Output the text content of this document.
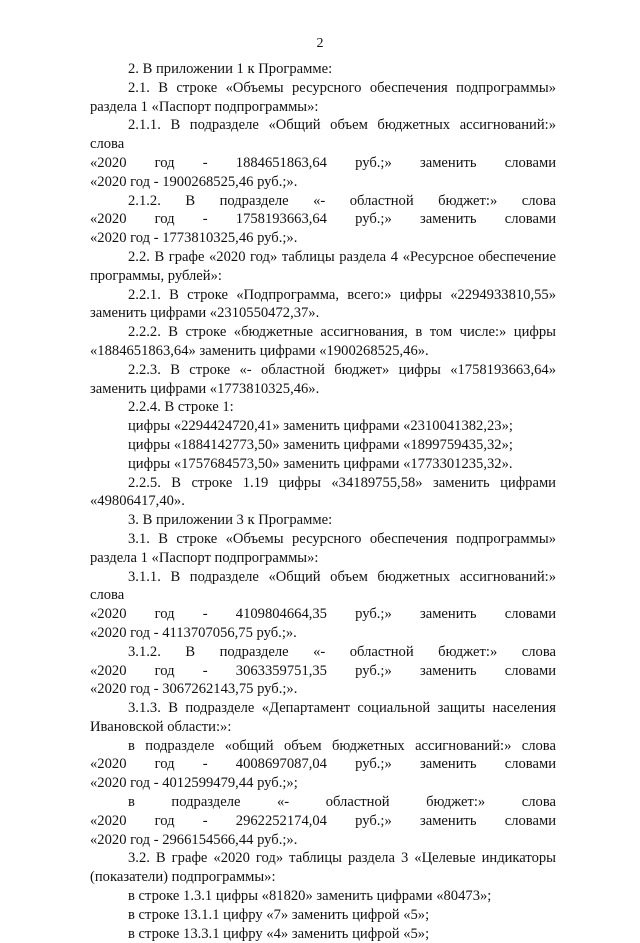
2

2. В приложении 1 к Программе:

2.1. В строке «Объемы ресурсного обеспечения подпрограммы»

раздела 1 «Паспорт подпрограммы»:

2.1.1. В подразделе «Общий объем бюджетных ассигнований:» слова

«2020 год - 1884651863,64 руб.;» заменить словами

«2020 год - 1900268525,46 руб.;».

2.1.2. В подразделе «- областной бюджет:» слова

«2020 год - 1758193663,64 руб.;» заменить словами

«2020 год - 1773810325,46 руб.;».

2.2. В графе «2020 год» таблицы раздела 4 «Ресурсное обеспечение

программы, рублей»:

2.2.1. В строке «Подпрограмма, всего:» цифры «2294933810,55»

заменить цифрами «2310550472,37».

2.2.2. В строке «бюджетные ассигнования, в том числе:» цифры

«1884651863,64» заменить цифрами «1900268525,46».

2.2.3. В строке «- областной бюджет» цифры «1758193663,64»

заменить цифрами «1773810325,46».

2.2.4. В строке 1:

цифры «2294424720,41» заменить цифрами «2310041382,23»;

цифры «1884142773,50» заменить цифрами «1899759435,32»;

цифры «1757684573,50» заменить цифрами «1773301235,32».

2.2.5. В строке 1.19 цифры «34189755,58» заменить цифрами

«49806417,40».

3. В приложении 3 к Программе:

3.1. В строке «Объемы ресурсного обеспечения подпрограммы»

раздела 1 «Паспорт подпрограммы»:

3.1.1. В подразделе «Общий объем бюджетных ассигнований:» слова

«2020 год - 4109804664,35 руб.;» заменить словами

«2020 год - 4113707056,75 руб.;».

3.1.2. В подразделе «- областной бюджет:» слова

«2020 год - 3063359751,35 руб.;» заменить словами

«2020 год - 3067262143,75 руб.;».

3.1.3. В подразделе «Департамент социальной защиты населения

Ивановской области:»:

в подразделе «общий объем бюджетных ассигнований:» слова

«2020 год - 4008697087,04 руб.;» заменить словами

«2020 год - 4012599479,44 руб.;»;

в подразделе «- областной бюджет:» слова

«2020 год - 2962252174,04 руб.;» заменить словами

«2020 год - 2966154566,44 руб.;».

3.2. В графе «2020 год» таблицы раздела 3 «Целевые индикаторы

(показатели) подпрограммы»:

в строке 1.3.1 цифры «81820» заменить цифрами «80473»;

в строке 13.1.1 цифру «7» заменить цифрой «5»;

в строке 13.3.1 цифру «4» заменить цифрой «5»;
